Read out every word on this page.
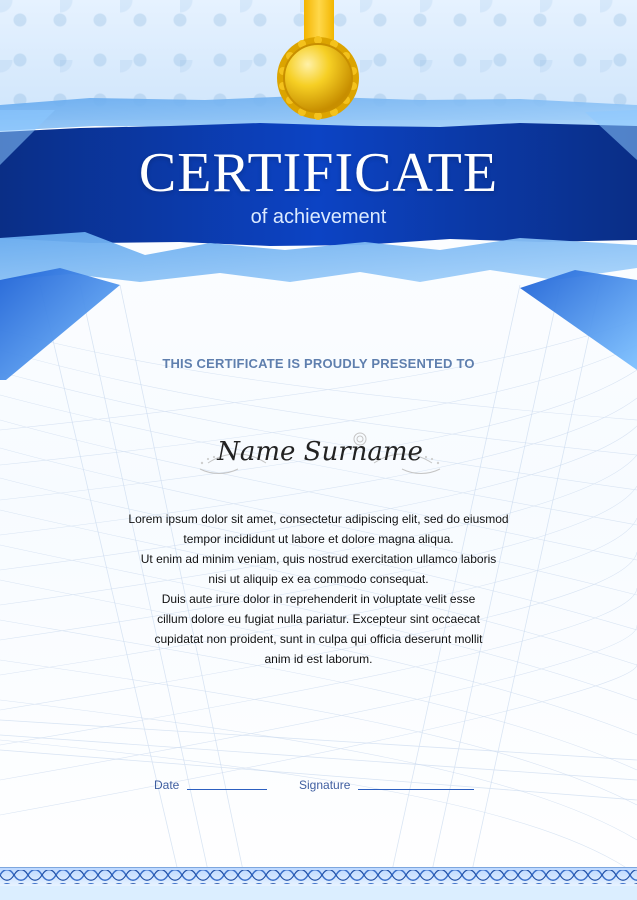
CERTIFICATE
of achievement
THIS CERTIFICATE IS PROUDLY PRESENTED TO
Name Surname
Lorem ipsum dolor sit amet, consectetur adipiscing elit, sed do eiusmod
tempor incididunt ut labore et dolore magna aliqua.
Ut enim ad minim veniam, quis nostrud exercitation ullamco laboris
nisi ut aliquip ex ea commodo consequat.
Duis aute irure dolor in reprehenderit in voluptate velit esse
cillum dolore eu fugiat nulla pariatur. Excepteur sint occaecat
cupidatat non proident, sunt in culpa qui officia deserunt mollit
anim id est laborum.
Date	Signature
